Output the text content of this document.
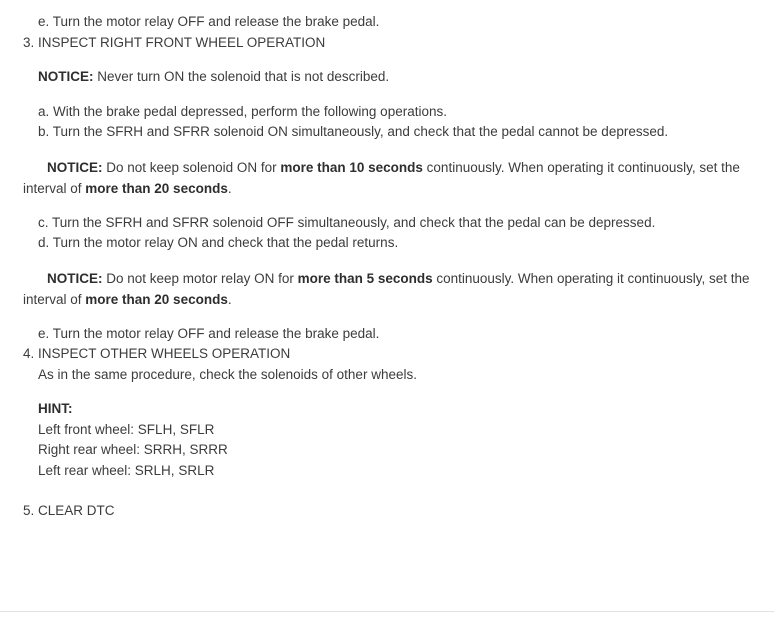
e. Turn the motor relay OFF and release the brake pedal.
3. INSPECT RIGHT FRONT WHEEL OPERATION
NOTICE: Never turn ON the solenoid that is not described.
a. With the brake pedal depressed, perform the following operations.
b. Turn the SFRH and SFRR solenoid ON simultaneously, and check that the pedal cannot be depressed.
NOTICE: Do not keep solenoid ON for more than 10 seconds continuously. When operating it continuously, set the interval of more than 20 seconds.
c. Turn the SFRH and SFRR solenoid OFF simultaneously, and check that the pedal can be depressed.
d. Turn the motor relay ON and check that the pedal returns.
NOTICE: Do not keep motor relay ON for more than 5 seconds continuously. When operating it continuously, set the interval of more than 20 seconds.
e. Turn the motor relay OFF and release the brake pedal.
4. INSPECT OTHER WHEELS OPERATION
As in the same procedure, check the solenoids of other wheels.
HINT:
Left front wheel: SFLH, SFLR
Right rear wheel: SRRH, SRRR
Left rear wheel: SRLH, SRLR
5. CLEAR DTC
